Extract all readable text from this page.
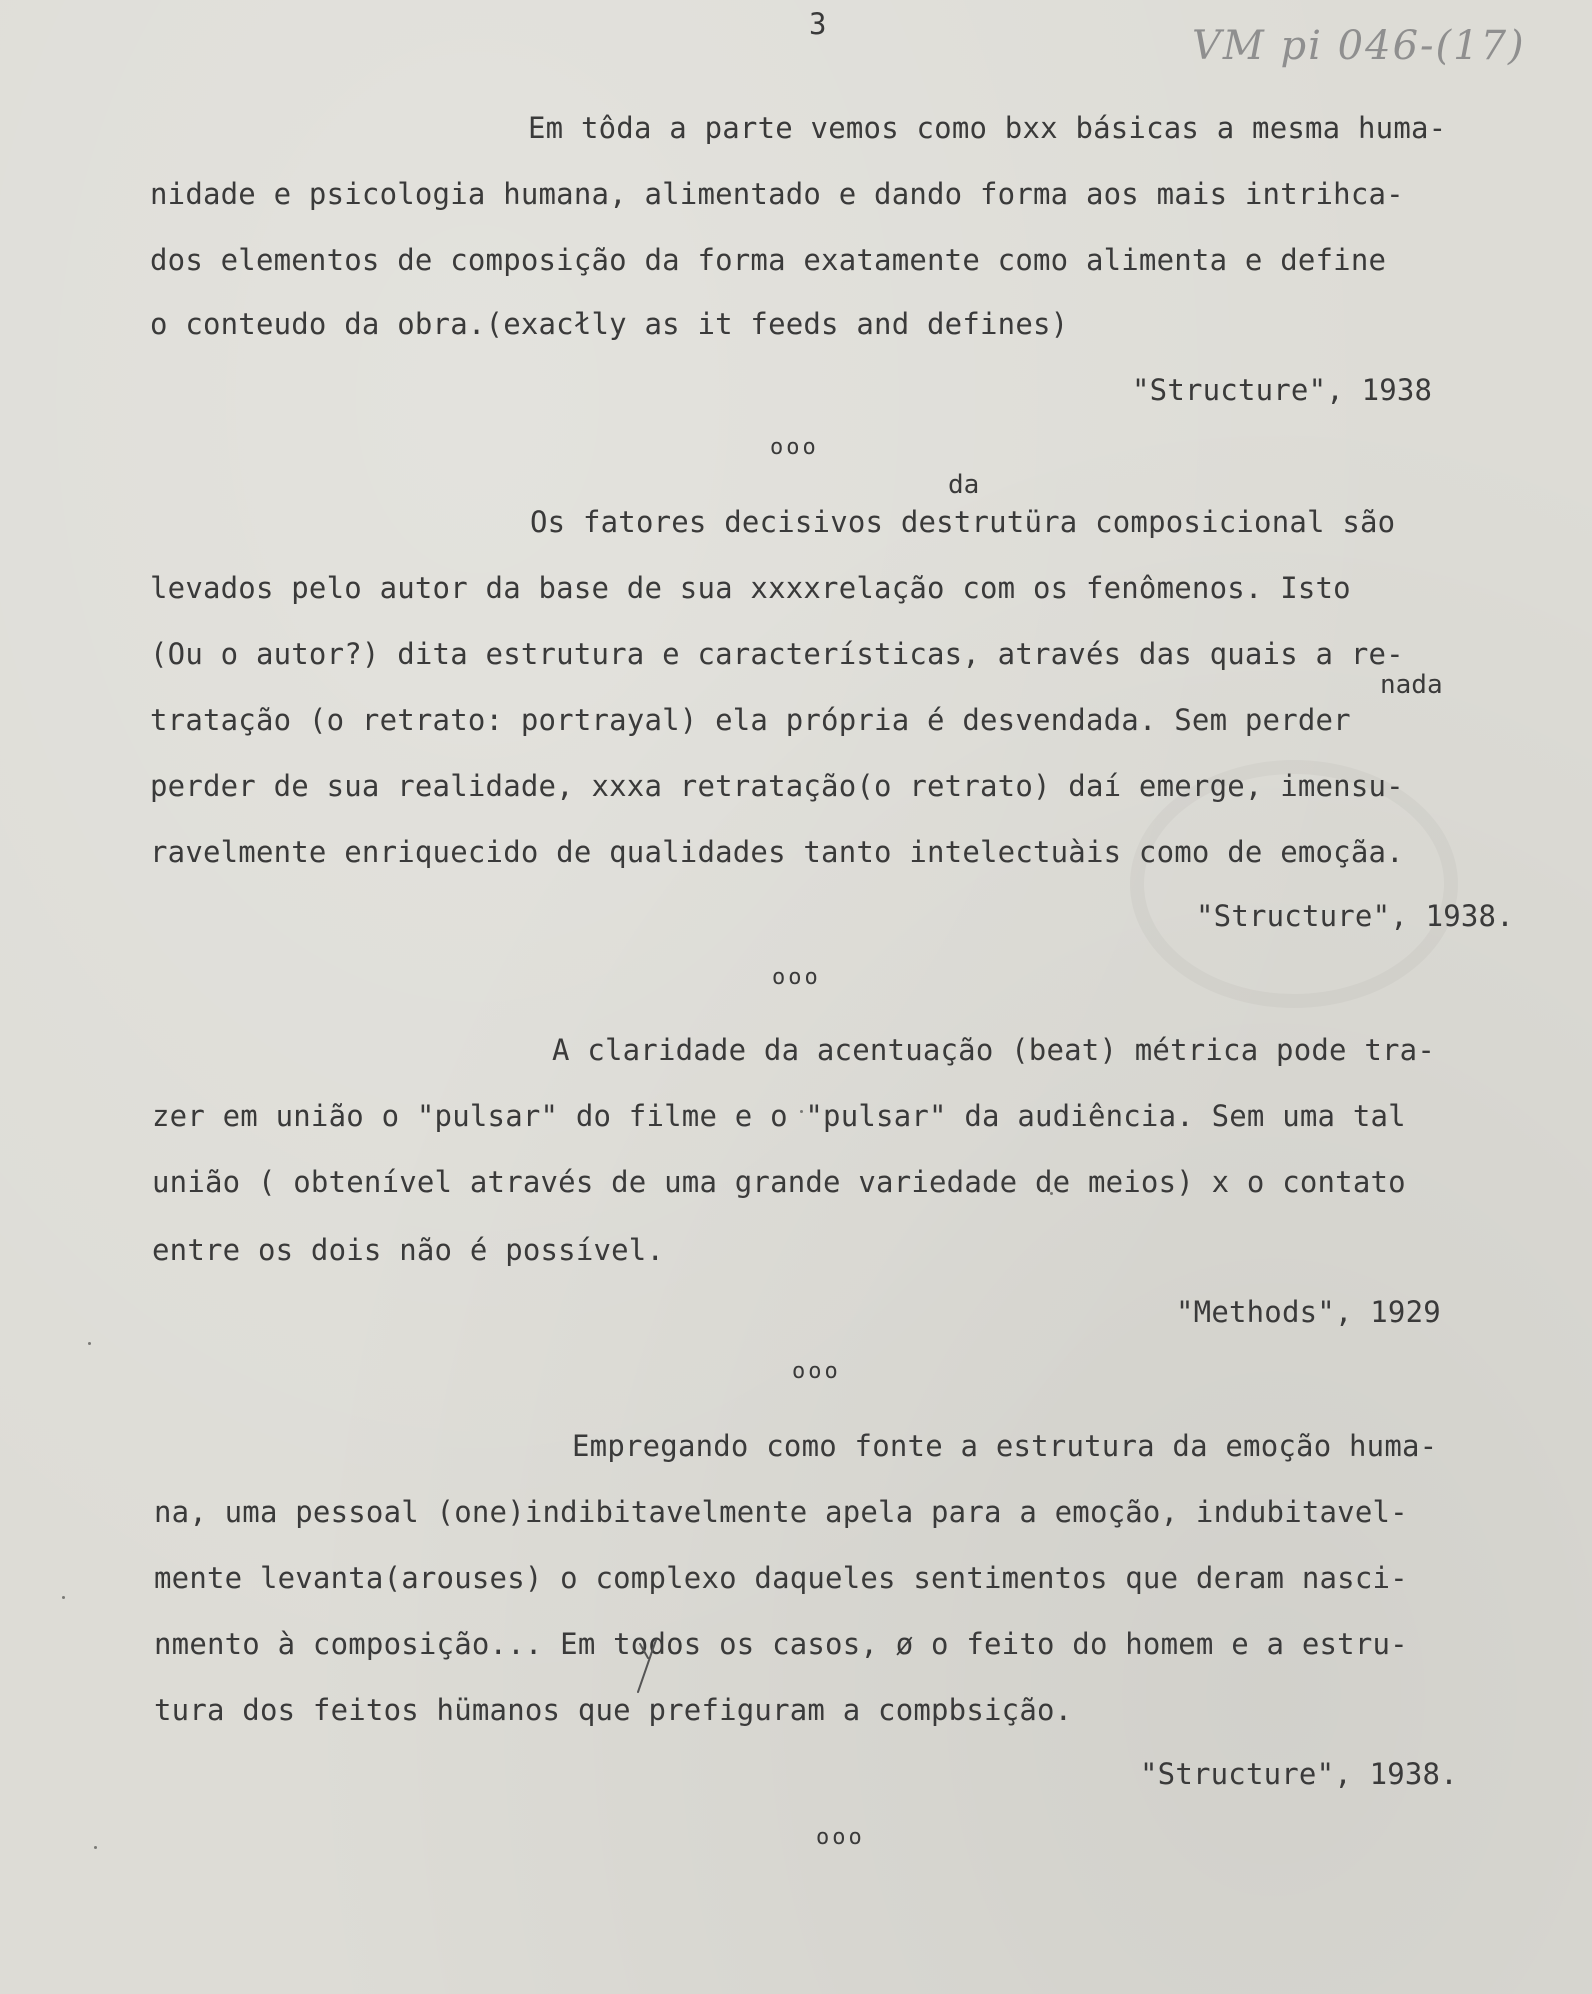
3	VM pi 046-(17)
Em tôda a parte vemos como bxx básicas a mesma huma-
nidade e psicologia humana, alimentado e dando forma aos mais intrihca-
dos elementos de composição da forma exatamente como alimenta e define
o conteudo da obra.(exacłly as it feeds and defines)
"Structure", 1938
ooo
da
Os fatores decisivos destrutüra composicional são
levados pelo autor da base de sua xxxxrelação com os fenômenos. Isto
(Ou o autor?) dita estrutura e características, através das quais a re-
nada
tratação (o retrato: portrayal) ela própria é desvendada. Sem perder
perder de sua realidade, xxxa retratação(o retrato) daí emerge, imensu-
ravelmente enriquecido de qualidades tanto intelectuàis como de emoçãa.
"Structure", 1938.
ooo
A claridade da acentuação (beat) métrica pode tra-
zer em união o "pulsar" do filme e o "pulsar" da audiência. Sem uma tal
união ( obtenível através de uma grande variedade de meios) x o contato
entre os dois não é possível.
"Methods", 1929
ooo
Empregando como fonte a estrutura da emoção huma-
na, uma pessoal (one)indibitavelmente apela para a emoção, indubitavel-
mente levanta(arouses) o complexo daqueles sentimentos que deram nasci-
nmento à composição... Em todos os casos, ø o feito do homem e a estru-
tura dos feitos hümanos que prefiguram a compbsição.
"Structure", 1938.
ooo
